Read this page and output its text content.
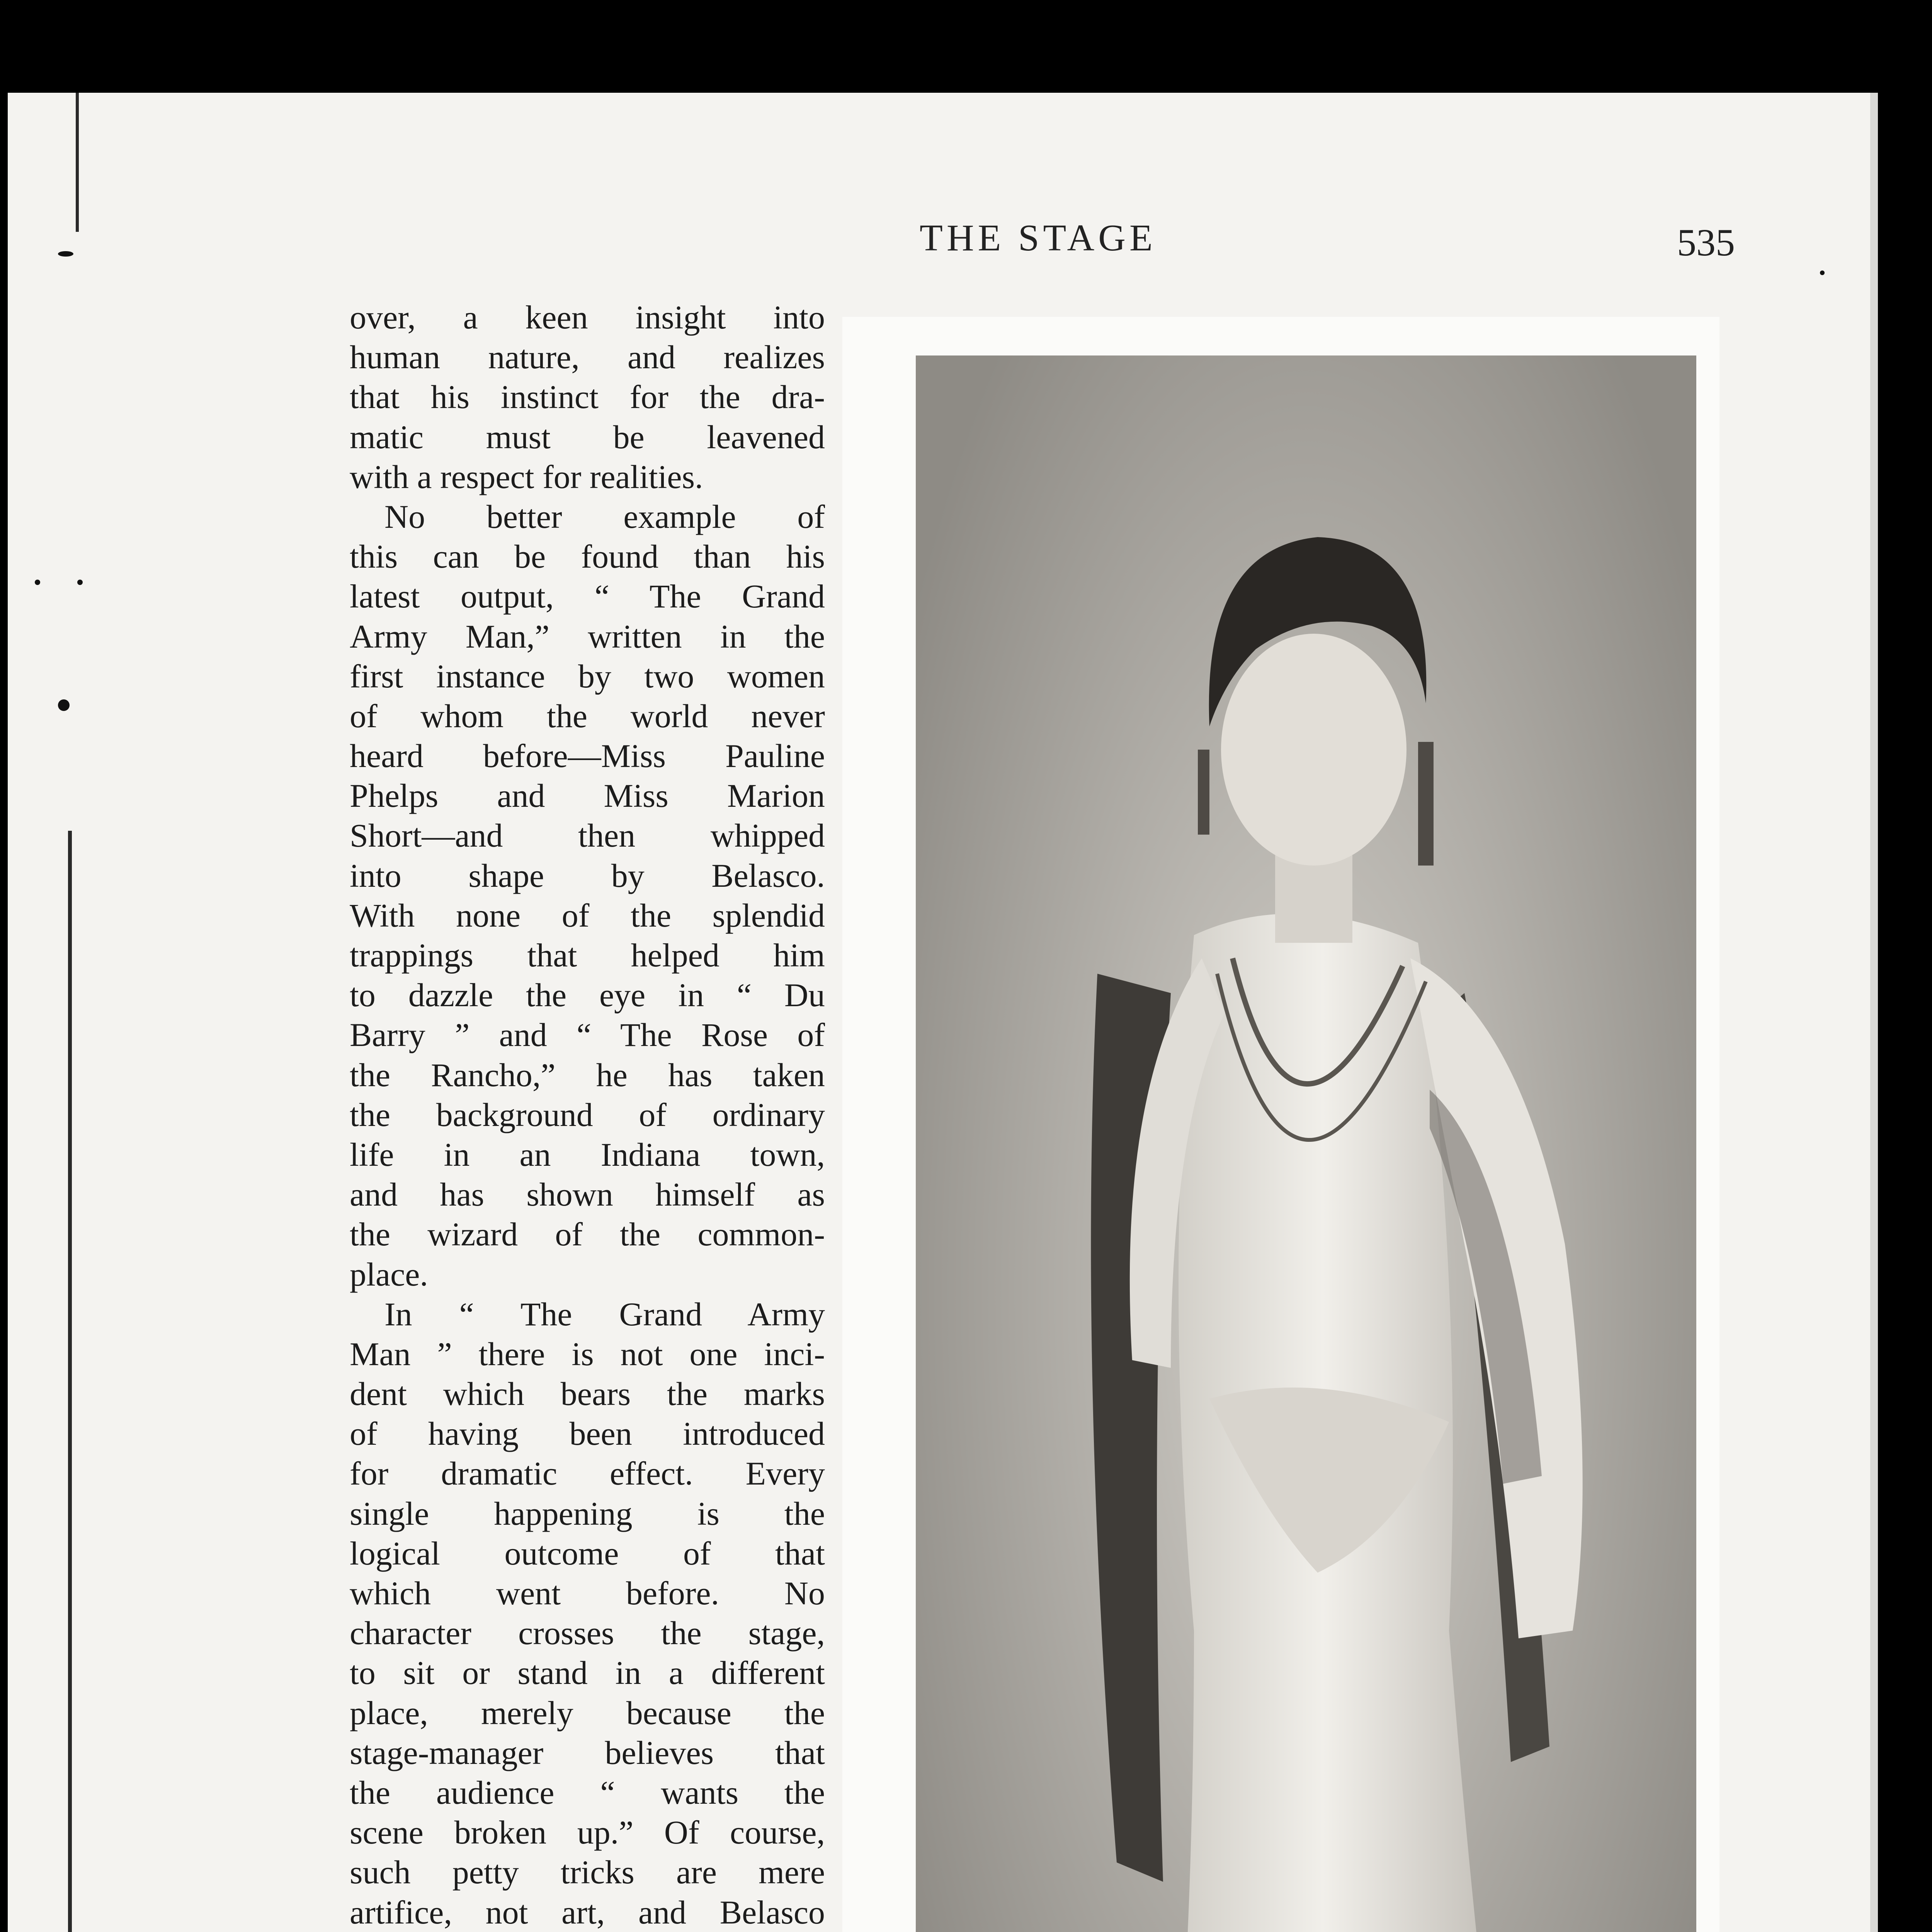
THE STAGE	535
over, a keen insight into
human nature, and realizes
that his instinct for the dra-
matic must be leavened
with a respect for realities.
No better example of
this can be found than his
latest output, “ The Grand
Army Man,” written in the
first instance by two women
of whom the world never
heard before—Miss Pauline
Phelps and Miss Marion
Short—and then whipped
into shape by Belasco.
With none of the splendid
trappings that helped him
to dazzle the eye in “ Du
Barry ” and “ The Rose of
the Rancho,” he has taken
the background of ordinary
life in an Indiana town,
and has shown himself as
the wizard of the common-
place.
In “ The Grand Army
Man ” there is not one inci-
dent which bears the marks
of having been introduced
for dramatic effect. Every
single happening is the
logical outcome of that
which went before. No
character crosses the stage,
to sit or stand in a different
place, merely because the
stage-manager believes that
the audience “ wants the
scene broken up.” Of course,
such petty tricks are mere
artifice, not art, and Belasco
